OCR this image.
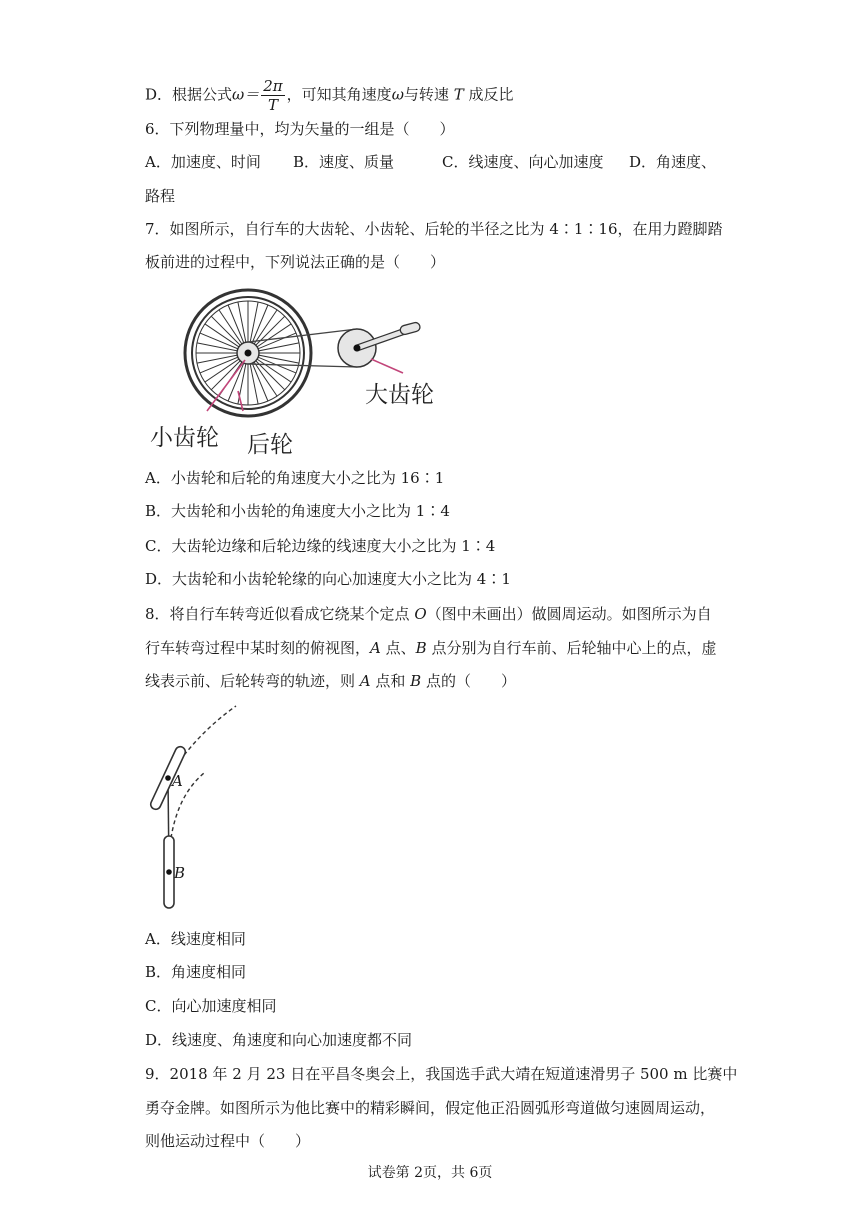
D．根据公式$\omega= \frac{2\pi}{T}$ ，可知其角速度ω与转速 T 成反比
6．下列物理量中，均为矢量的一组是（　　）
A．加速度、时间 B．速度、质量	C．线速度、向心加速度 D．角速度、
路程
7．如图所示，自行车的大齿轮、小齿轮、后轮的半径之比为 4∶1∶16，在用力蹬脚踏
板前进的过程中，下列说法正确的是（　　）
大齿轮
小齿轮 后轮
A．小齿轮和后轮的角速度大小之比为 16∶1
B．大齿轮和小齿轮的角速度大小之比为 1∶4
C．大齿轮边缘和后轮边缘的线速度大小之比为 1∶4
D．大齿轮和小齿轮轮缘的向心加速度大小之比为 4∶1
8．将自行车转弯近似看成它绕某个定点 O（图中未画出）做圆周运动。如图所示为自
行车转弯过程中某时刻的俯视图，A 点、B 点分别为自行车前、后轮轴中心上的点，虚
线表示前、后轮转弯的轨迹，则 A 点和 B 点的（　　）
A
B
A．线速度相同
B．角速度相同
C．向心加速度相同
D．线速度、角速度和向心加速度都不同
9．2018 年 2 月 23 日在平昌冬奥会上，我国选手武大靖在短道速滑男子 500 m 比赛中
勇夺金牌。如图所示为他比赛中的精彩瞬间，假定他正沿圆弧形弯道做匀速圆周运动，
则他运动过程中（　　）
试卷第 2页，共 6页
